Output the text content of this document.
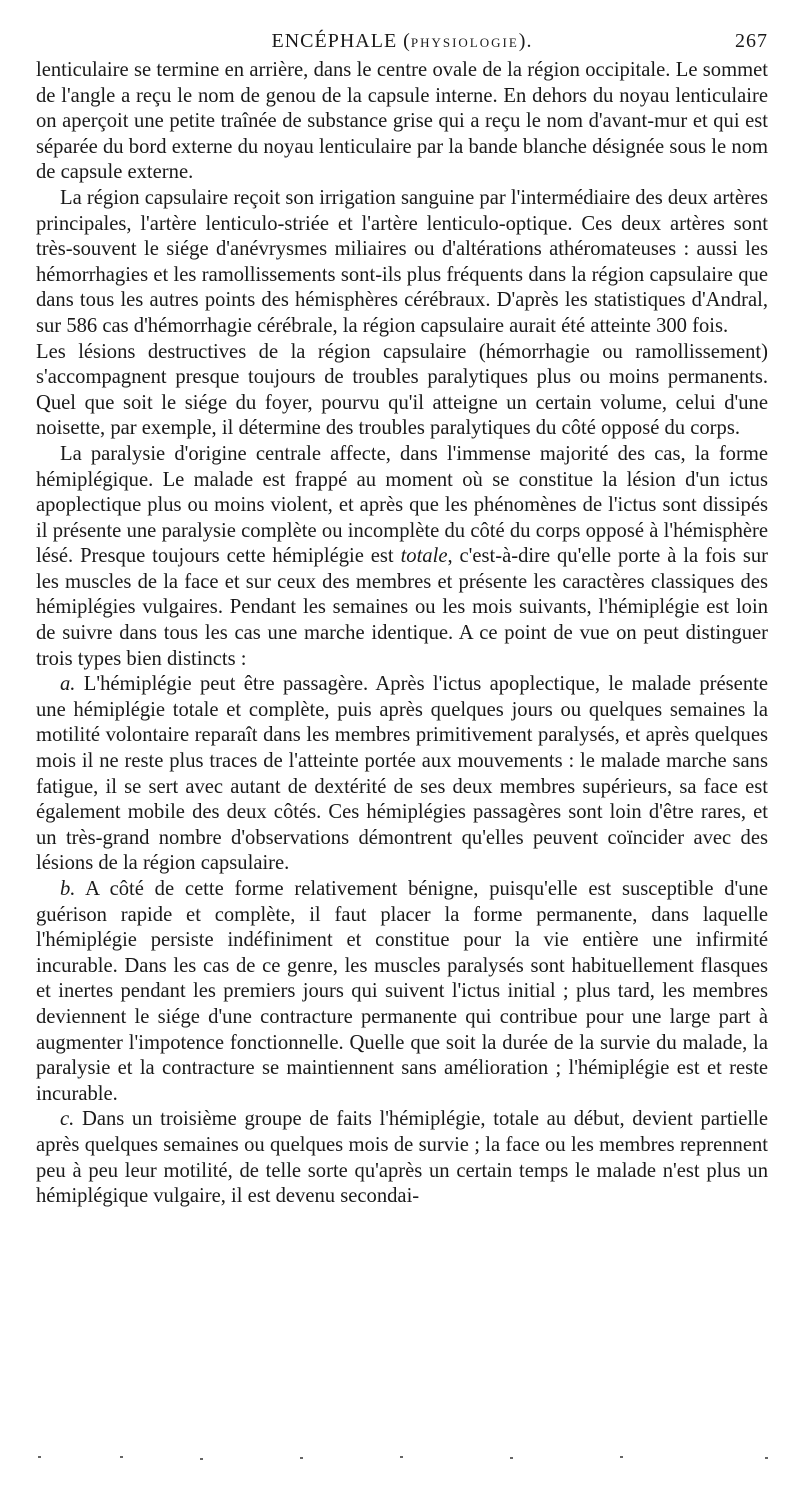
ENCÉPHALE (PHYSIOLOGIE).	267

lenticulaire se termine en arrière, dans le centre ovale de la région occipitale. Le sommet de l'angle a reçu le nom de genou de la capsule interne. En dehors du noyau lenticulaire on aperçoit une petite traînée de substance grise qui a reçu le nom d'avant-mur et qui est séparée du bord externe du noyau lenticulaire par la bande blanche désignée sous le nom de capsule externe.

La région capsulaire reçoit son irrigation sanguine par l'intermédiaire des deux artères principales, l'artère lenticulo-striée et l'artère lenticulo-optique. Ces deux artères sont très-souvent le siége d'anévrysmes miliaires ou d'altérations athéromateuses : aussi les hémorrhagies et les ramollissements sont-ils plus fréquents dans la région capsulaire que dans tous les autres points des hémisphères cérébraux. D'après les statistiques d'Andral, sur 586 cas d'hémorrhagie cérébrale, la région capsulaire aurait été atteinte 300 fois.

Les lésions destructives de la région capsulaire (hémorrhagie ou ramollissement) s'accompagnent presque toujours de troubles paralytiques plus ou moins permanents. Quel que soit le siége du foyer, pourvu qu'il atteigne un certain volume, celui d'une noisette, par exemple, il détermine des troubles paralytiques du côté opposé du corps.

La paralysie d'origine centrale affecte, dans l'immense majorité des cas, la forme hémiplégique. Le malade est frappé au moment où se constitue la lésion d'un ictus apoplectique plus ou moins violent, et après que les phénomènes de l'ictus sont dissipés il présente une paralysie complète ou incomplète du côté du corps opposé à l'hémisphère lésé. Presque toujours cette hémiplégie est totale, c'est-à-dire qu'elle porte à la fois sur les muscles de la face et sur ceux des membres et présente les caractères classiques des hémiplégies vulgaires. Pendant les semaines ou les mois suivants, l'hémiplégie est loin de suivre dans tous les cas une marche identique. A ce point de vue on peut distinguer trois types bien distincts :

a. L'hémiplégie peut être passagère. Après l'ictus apoplectique, le malade présente une hémiplégie totale et complète, puis après quelques jours ou quelques semaines la motilité volontaire reparaît dans les membres primitivement paralysés, et après quelques mois il ne reste plus traces de l'atteinte portée aux mouvements : le malade marche sans fatigue, il se sert avec autant de dextérité de ses deux membres supérieurs, sa face est également mobile des deux côtés. Ces hémiplégies passagères sont loin d'être rares, et un très-grand nombre d'observations démontrent qu'elles peuvent coïncider avec des lésions de la région capsulaire.

b. A côté de cette forme relativement bénigne, puisqu'elle est susceptible d'une guérison rapide et complète, il faut placer la forme permanente, dans laquelle l'hémiplégie persiste indéfiniment et constitue pour la vie entière une infirmité incurable. Dans les cas de ce genre, les muscles paralysés sont habituellement flasques et inertes pendant les premiers jours qui suivent l'ictus initial ; plus tard, les membres deviennent le siége d'une contracture permanente qui contribue pour une large part à augmenter l'impotence fonctionnelle. Quelle que soit la durée de la survie du malade, la paralysie et la contracture se maintiennent sans amélioration ; l'hémiplégie est et reste incurable.

c. Dans un troisième groupe de faits l'hémiplégie, totale au début, devient partielle après quelques semaines ou quelques mois de survie ; la face ou les membres reprennent peu à peu leur motilité, de telle sorte qu'après un certain temps le malade n'est plus un hémiplégique vulgaire, il est devenu secondai-
